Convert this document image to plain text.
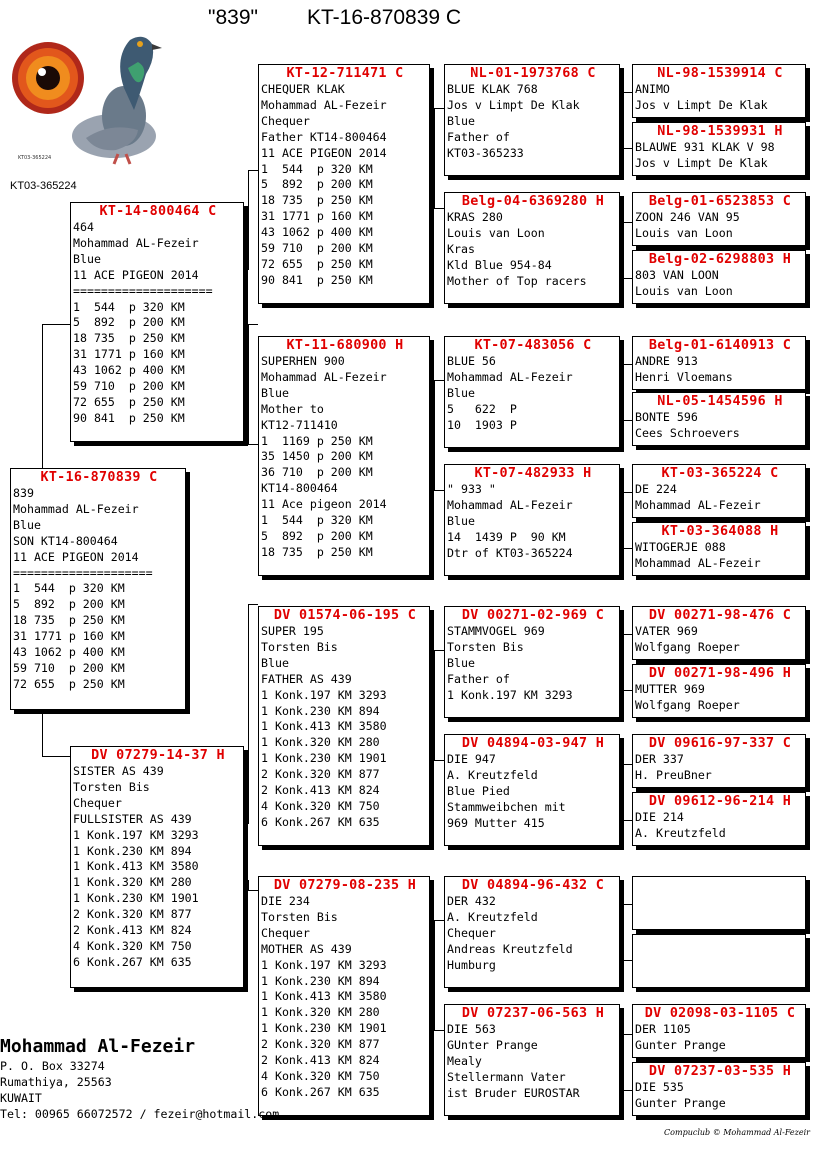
"839" KT-16-870839 C
KT03-365224
KT03-365224
KT-16-870839 C
839
Mohammad AL-Fezeir
Blue
SON KT14-800464
11 ACE PIGEON 2014
====================
1  544  p 320 KM
5  892  p 200 KM
18 735  p 250 KM
31 1771 p 160 KM
43 1062 p 400 KM
59 710  p 200 KM
72 655  p 250 KM
KT-14-800464 C
464
Mohammad AL-Fezeir
Blue
11 ACE PIGEON 2014
====================
1  544  p 320 KM
5  892  p 200 KM
18 735  p 250 KM
31 1771 p 160 KM
43 1062 p 400 KM
59 710  p 200 KM
72 655  p 250 KM
90 841  p 250 KM
DV 07279-14-37 H
SISTER AS 439
Torsten Bis
Chequer
FULLSISTER AS 439
1 Konk.197 KM 3293
1 Konk.230 KM 894
1 Konk.413 KM 3580
1 Konk.320 KM 280
1 Konk.230 KM 1901
2 Konk.320 KM 877
2 Konk.413 KM 824
4 Konk.320 KM 750
6 Konk.267 KM 635
KT-12-711471 C
CHEQUER KLAK
Mohammad AL-Fezeir
Chequer
Father KT14-800464
11 ACE PIGEON 2014
1  544  p 320 KM
5  892  p 200 KM
18 735  p 250 KM
31 1771 p 160 KM
43 1062 p 400 KM
59 710  p 200 KM
72 655  p 250 KM
90 841  p 250 KM
KT-11-680900 H
SUPERHEN 900
Mohammad AL-Fezeir
Blue
Mother to
KT12-711410
1  1169 p 250 KM
35 1450 p 200 KM
36 710  p 200 KM
KT14-800464
11 Ace pigeon 2014
1  544  p 320 KM
5  892  p 200 KM
18 735  p 250 KM
DV 01574-06-195 C
SUPER 195
Torsten Bis
Blue
FATHER AS 439
1 Konk.197 KM 3293
1 Konk.230 KM 894
1 Konk.413 KM 3580
1 Konk.320 KM 280
1 Konk.230 KM 1901
2 Konk.320 KM 877
2 Konk.413 KM 824
4 Konk.320 KM 750
6 Konk.267 KM 635
DV 07279-08-235 H
DIE 234
Torsten Bis
Chequer
MOTHER AS 439
1 Konk.197 KM 3293
1 Konk.230 KM 894
1 Konk.413 KM 3580
1 Konk.320 KM 280
1 Konk.230 KM 1901
2 Konk.320 KM 877
2 Konk.413 KM 824
4 Konk.320 KM 750
6 Konk.267 KM 635
NL-01-1973768 C
BLUE KLAK 768
Jos v Limpt De Klak
Blue
Father of
KT03-365233
Belg-04-6369280 H
KRAS 280
Louis van Loon
Kras
Kld Blue 954-84
Mother of Top racers
KT-07-483056 C
BLUE 56
Mohammad AL-Fezeir
Blue
5   622  P
10  1903 P
KT-07-482933 H
" 933 "
Mohammad AL-Fezeir
Blue
14  1439 P  90 KM
Dtr of KT03-365224
DV 00271-02-969 C
STAMMVOGEL 969
Torsten Bis
Blue
Father of
1 Konk.197 KM 3293
DV 04894-03-947 H
DIE 947
A. Kreutzfeld
Blue Pied
Stammweibchen mit
969 Mutter 415
DV 04894-96-432 C
DER 432
A. Kreutzfeld
Chequer
Andreas Kreutzfeld
Humburg
DV 07237-06-563 H
DIE 563
GUnter Prange
Mealy
Stellermann Vater
ist Bruder EUROSTAR
NL-98-1539914 C
ANIMO
Jos v Limpt De Klak
NL-98-1539931 H
BLAUWE 931 KLAK V 98
Jos v Limpt De Klak
Belg-01-6523853 C
ZOON 246 VAN 95
Louis van Loon
Belg-02-6298803 H
803 VAN LOON
Louis van Loon
Belg-01-6140913 C
ANDRE 913
Henri Vloemans
NL-05-1454596 H
BONTE 596
Cees Schroevers
KT-03-365224 C
DE 224
Mohammad AL-Fezeir
KT-03-364088 H
WITOGERJE 088
Mohammad AL-Fezeir
DV 00271-98-476 C
VATER 969
Wolfgang Roeper
DV 00271-98-496 H
MUTTER 969
Wolfgang Roeper
DV 09616-97-337 C
DER 337
H. PreuBner
DV 09612-96-214 H
DIE 214
A. Kreutzfeld
DV 02098-03-1105 C
DER 1105
Gunter Prange
DV 07237-03-535 H
DIE 535
Gunter Prange
Mohammad Al-Fezeir
P. O. Box 33274
Rumathiya, 25563
KUWAIT
Tel: 00965 66072572 / fezeir@hotmail.com
Compuclub © Mohammad Al-Fezeir
